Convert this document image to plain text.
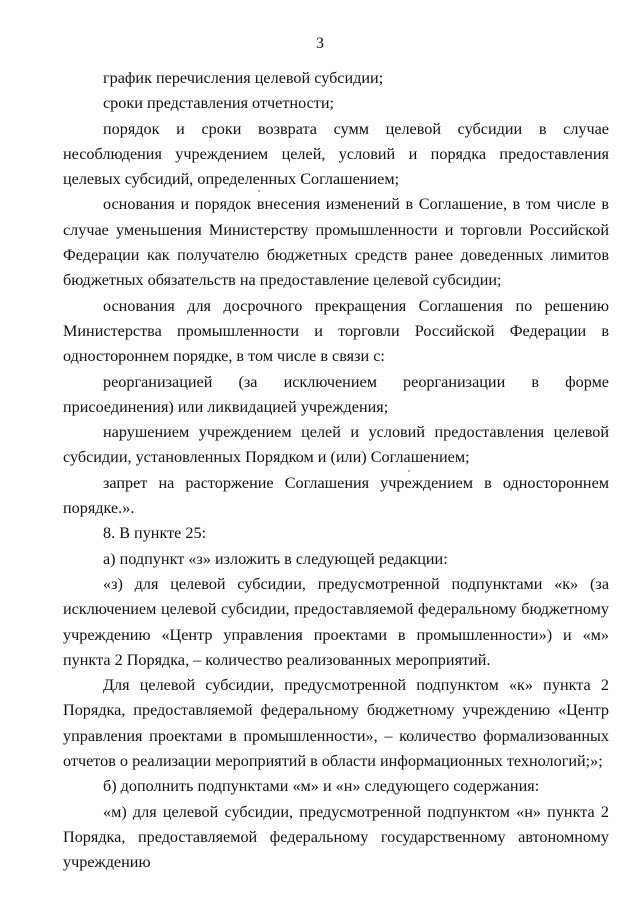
3

график перечисления целевой субсидии;

сроки представления отчетности;

порядок и сроки возврата сумм целевой субсидии в случае несоблюдения учреждением целей, условий и порядка предоставления целевых субсидий, определенных Соглашением;

основания и порядок внесения изменений в Соглашение, в том числе в случае уменьшения Министерству промышленности и торговли Российской Федерации как получателю бюджетных средств ранее доведенных лимитов бюджетных обязательств на предоставление целевой субсидии;

основания для досрочного прекращения Соглашения по решению Министерства промышленности и торговли Российской Федерации в одностороннем порядке, в том числе в связи с:

реорганизацией (за исключением реорганизации в форме присоединения) или ликвидацией учреждения;

нарушением учреждением целей и условий предоставления целевой субсидии, установленных Порядком и (или) Соглашением;

запрет на расторжение Соглашения учреждением в одностороннем порядке.».

8. В пункте 25:

а) подпункт «з» изложить в следующей редакции:

«з) для целевой субсидии, предусмотренной подпунктами «к» (за исключением целевой субсидии, предоставляемой федеральному бюджетному учреждению «Центр управления проектами в промышленности») и «м» пункта 2 Порядка, – количество реализованных мероприятий.

Для целевой субсидии, предусмотренной подпунктом «к» пункта 2 Порядка, предоставляемой федеральному бюджетному учреждению «Центр управления проектами в промышленности», – количество формализованных отчетов о реализации мероприятий в области информационных технологий;»;

б) дополнить подпунктами «м» и «н» следующего содержания:

«м) для целевой субсидии, предусмотренной подпунктом «н» пункта 2 Порядка, предоставляемой федеральному государственному автономному учреждению
